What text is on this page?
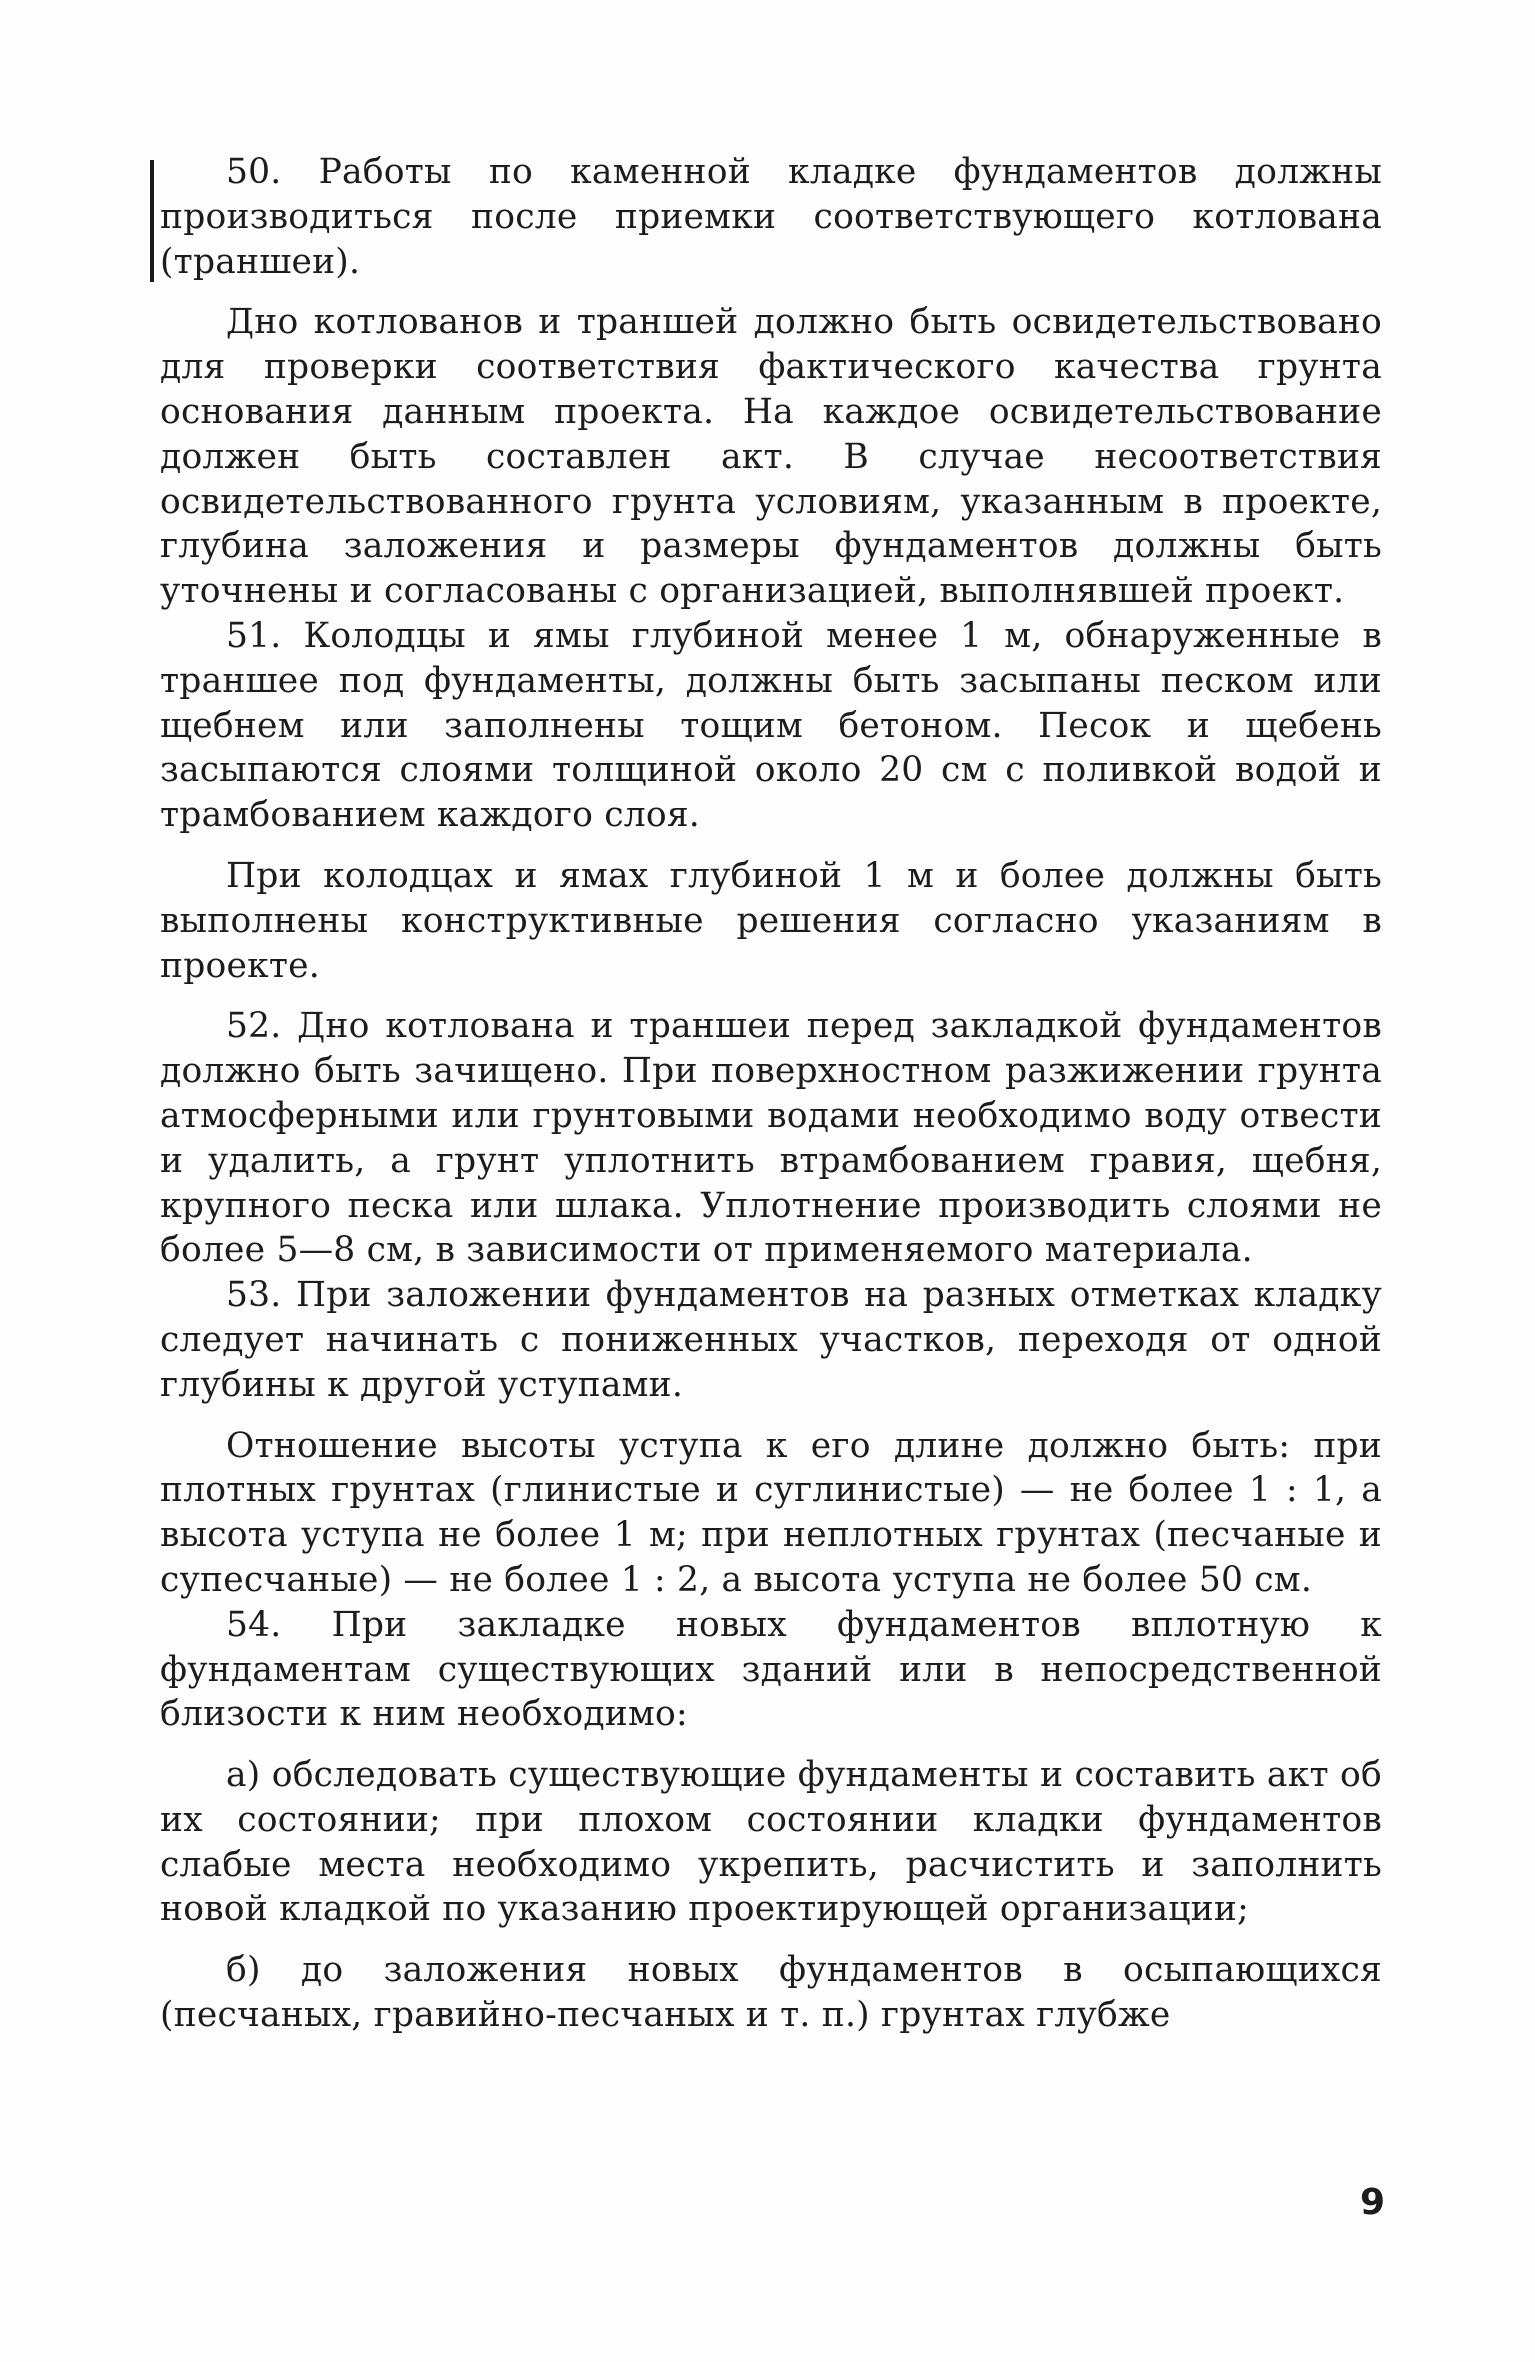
50. Работы по каменной кладке фундаментов должны производиться после приемки соответствующего котлована (траншеи).

Дно котлованов и траншей должно быть освидетельствовано для проверки соответствия фактического качества грунта основания данным проекта. На каждое освидетельствование должен быть составлен акт. В случае несоответствия освидетельствованного грунта условиям, указанным в проекте, глубина заложения и размеры фундаментов должны быть уточнены и согласованы с организацией, выполнявшей проект.

51. Колодцы и ямы глубиной менее 1 м, обнаруженные в траншее под фундаменты, должны быть засыпаны песком или щебнем или заполнены тощим бетоном. Песок и щебень засыпаются слоями толщиной около 20 см с поливкой водой и трамбованием каждого слоя.

При колодцах и ямах глубиной 1 м и более должны быть выполнены конструктивные решения согласно указаниям в проекте.

52. Дно котлована и траншеи перед закладкой фундаментов должно быть зачищено. При поверхностном разжижении грунта атмосферными или грунтовыми водами необходимо воду отвести и удалить, а грунт уплотнить втрамбованием гравия, щебня, крупного песка или шлака. Уплотнение производить слоями не более 5—8 см, в зависимости от применяемого материала.

53. При заложении фундаментов на разных отметках кладку следует начинать с пониженных участков, переходя от одной глубины к другой уступами.

Отношение высоты уступа к его длине должно быть: при плотных грунтах (глинистые и суглинистые) — не более 1 : 1, а высота уступа не более 1 м; при неплотных грунтах (песчаные и супесчаные) — не более 1 : 2, а высота уступа не более 50 см.

54. При закладке новых фундаментов вплотную к фундаментам существующих зданий или в непосредственной близости к ним необходимо:

а) обследовать существующие фундаменты и составить акт об их состоянии; при плохом состоянии кладки фундаментов слабые места необходимо укрепить, расчистить и заполнить новой кладкой по указанию проектирующей организации;

б) до заложения новых фундаментов в осыпающихся (песчаных, гравийно-песчаных и т. п.) грунтах глубже

9
